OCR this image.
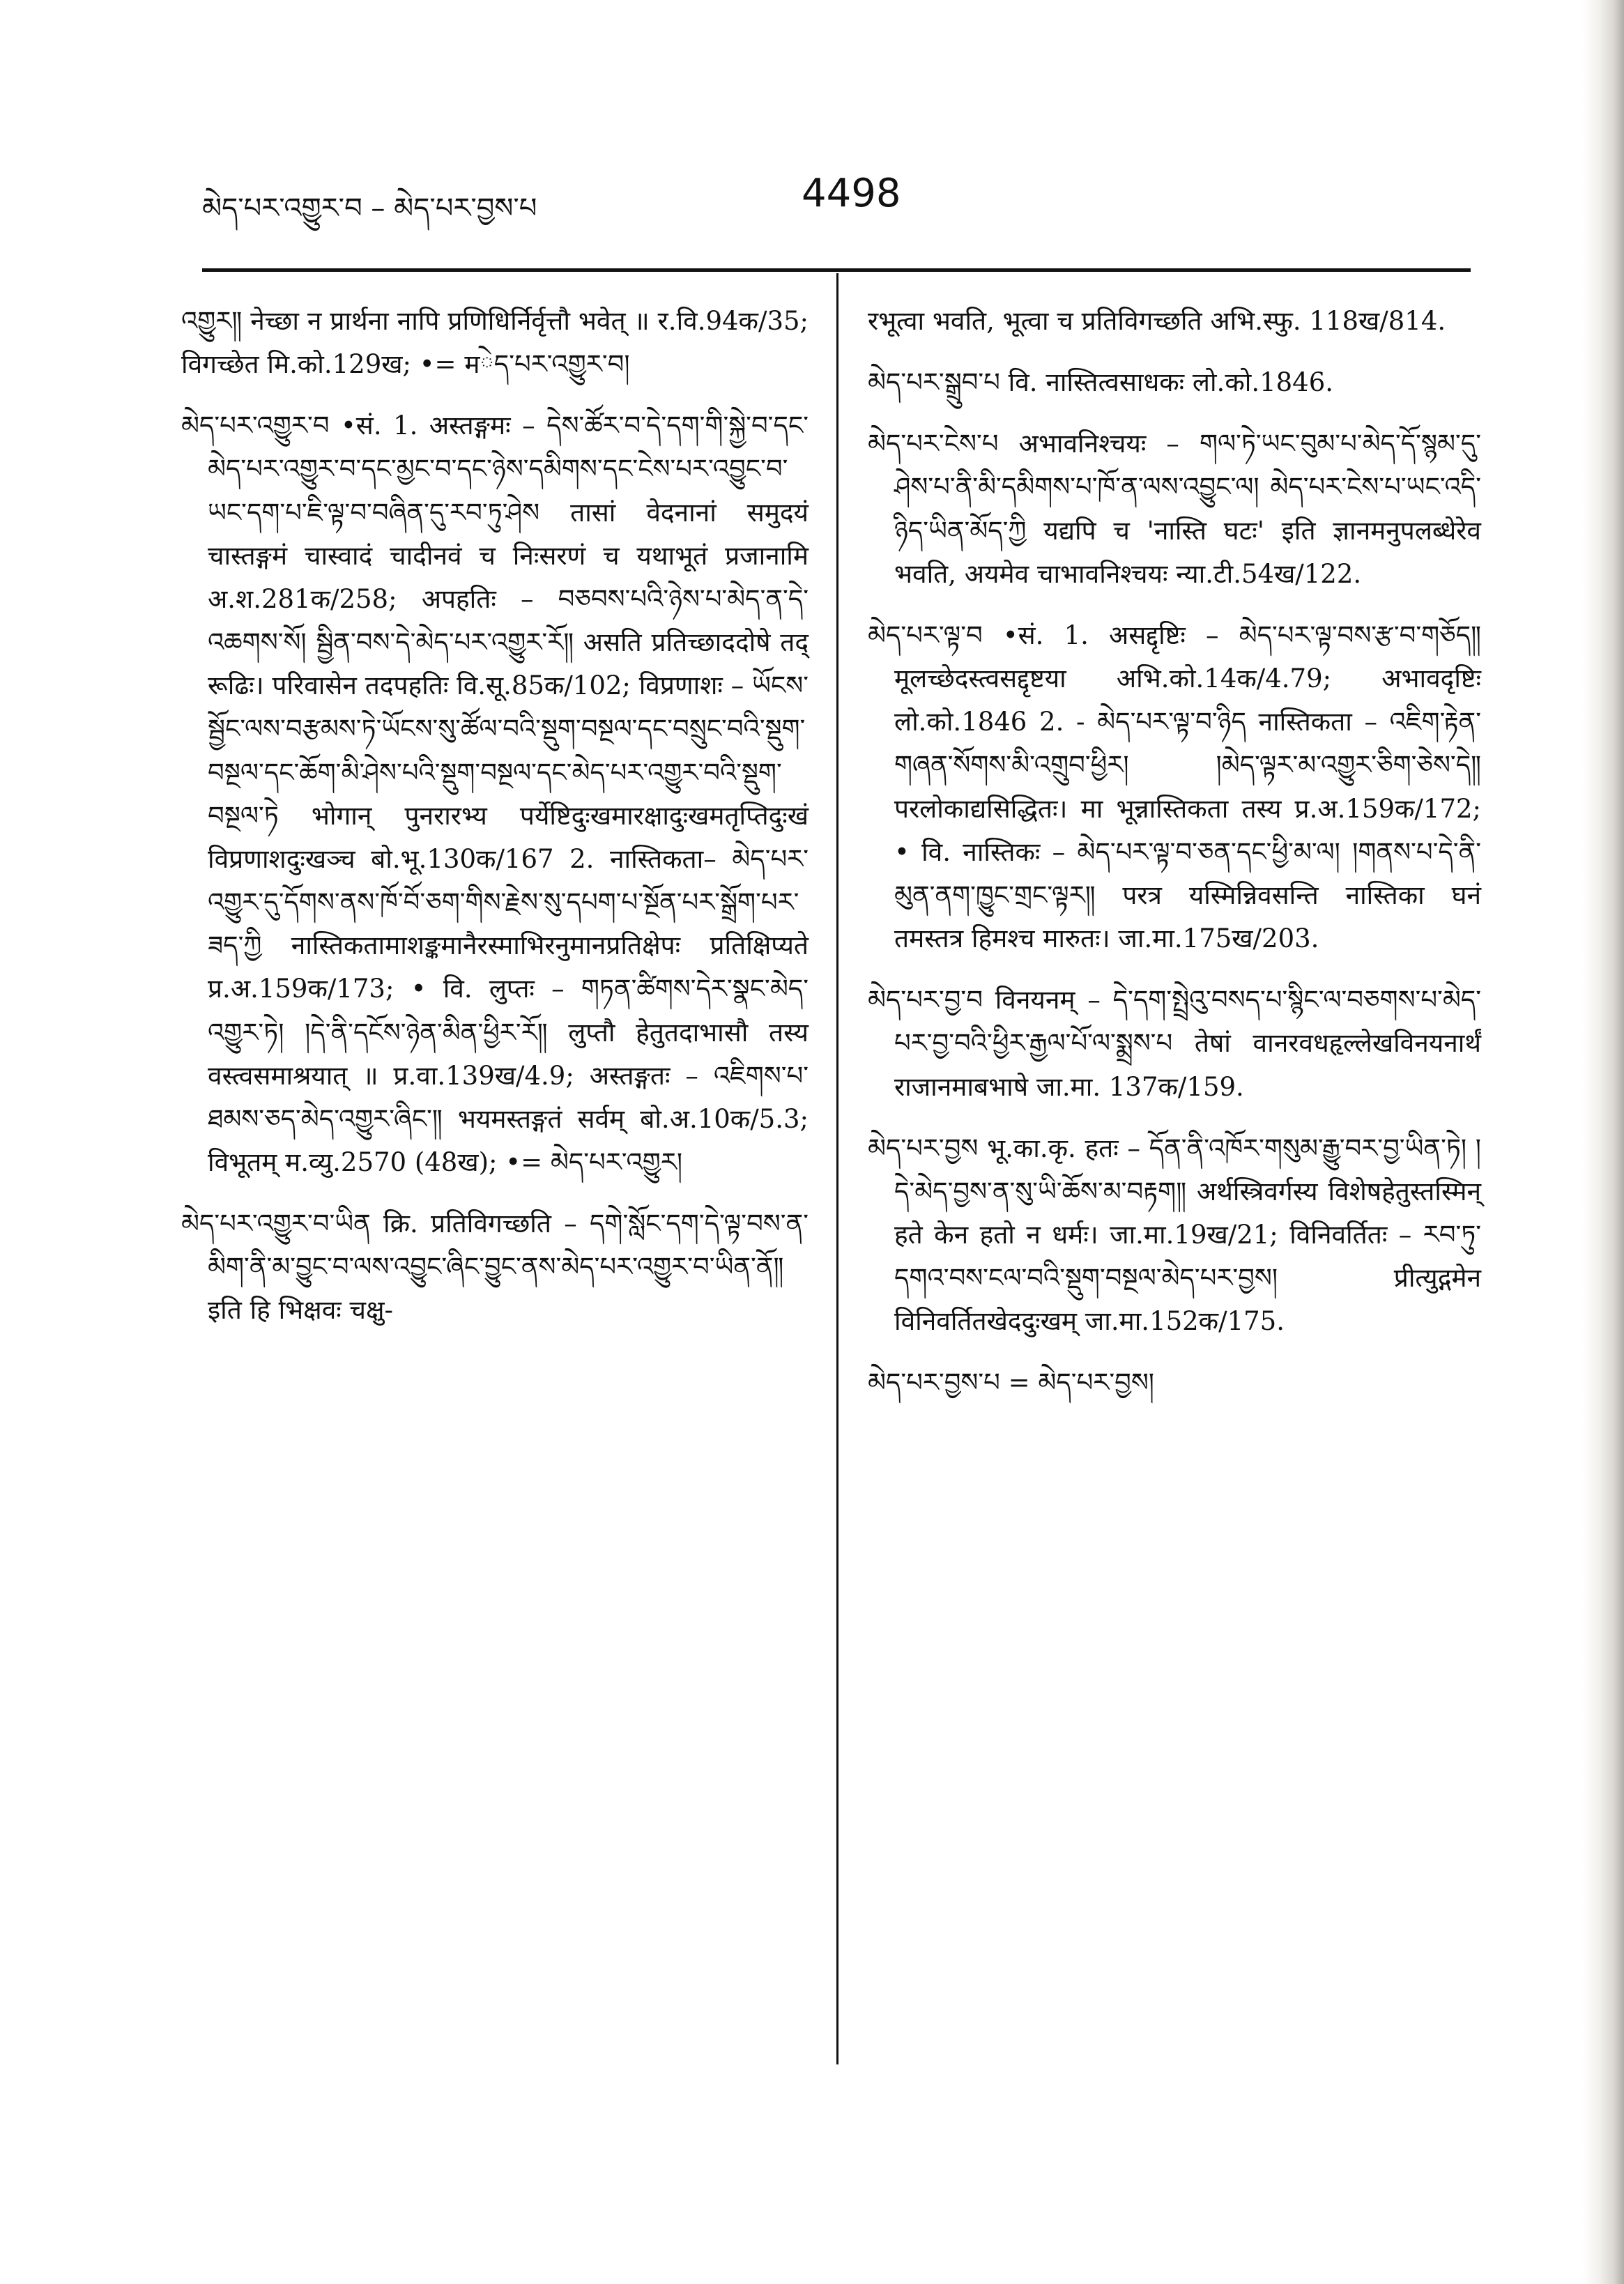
མེད་པར་འགྱུར་བ – མེད་པར་བྱས་པ	4498

འགྱུར༎ नेच्छा न प्रार्थना नापि प्रणिधिर्निर्वृत्तौ भवेत् ॥ र.वि.94क/35; विगच्छेत मि.को.129ख; •= मེད་པར་འགྱུར་བ།

མེད་པར་འགྱུར་བ •सं. 1. अस्तङ्गमः – དེས་ཚོར་བ་དེ་དག་གི་སྐྱེ་བ་དང་མེད་པར་འགྱུར་བ་དང་མྱང་བ་དང་ཉེས་དམིགས་དང་ངེས་པར་འབྱུང་བ་ཡང་དག་པ་ཇི་ལྟ་བ་བཞིན་དུ་རབ་ཏུ་ཤེས तासां वेदनानां समुदयं चास्तङ्गमं चास्वादं चादीनवं च निःसरणं च यथाभूतं प्रजानामि अ.श.281क/258; अपहतिः – བཅབས་པའི་ཉེས་པ་མེད་ན་དེ་འཆགས་སོ། སྦྱིན་བས་དེ་མེད་པར་འགྱུར་རོ༎ असति प्रतिच्छाददोषे तद् रूढिः। परिवासेन तदपहतिः वि.सू.85क/102; विप्रणाशः – ཡོངས་སྦྱོང་ལས་བརྩམས་ཏེ་ཡོངས་སུ་ཚོལ་བའི་སྡུག་བསྔལ་དང་བསྲུང་བའི་སྡུག་བསྔལ་དང་ཆོག་མི་ཤེས་པའི་སྡུག་བསྔལ་དང་མེད་པར་འགྱུར་བའི་སྡུག་བསྔལ་ཏེ भोगान् पुनरारभ्य पर्येष्टिदुःखमारक्षादुःखमतृप्तिदुःखं विप्रणाशदुःखञ्च बो.भू.130क/167 2. नास्तिकता– མེད་པར་འགྱུར་དུ་དོགས་ནས་ཁོ་བོ་ཅག་གིས་རྗེས་སུ་དཔག་པ་སྔོན་པར་སྒྲོག་པར་ཟད་ཀྱི नास्तिकतामाशङ्कमानैरस्माभिरनुमानप्रतिक्षेपः प्रतिक्षिप्यते प्र.अ.159क/173; • वि. लुप्तः – གཏན་ཚིགས་དེར་སྣང་མེད་འགྱུར་ཏེ། །དེ་ནི་དངོས་ཉེན་མིན་ཕྱིར་རོ༎ लुप्तौ हेतुतदाभासौ तस्य वस्त्वसमाश्रयात् ॥ प्र.वा.139ख/4.9; अस्तङ्गतः – འཇིགས་པ་ཐམས་ཅད་མེད་འགྱུར་ཞིང་༎ भयमस्तङ्गतं सर्वम् बो.अ.10क/5.3; विभूतम् म.व्यु.2570 (48ख); •= མེད་པར་འགྱུར།

མེད་པར་འགྱུར་བ་ཡིན क्रि. प्रतिविगच्छति – དགེ་སློང་དག་དེ་ལྟ་བས་ན་མིག་ནི་མ་བྱུང་བ་ལས་འབྱུང་ཞིང་བྱུང་ནས་མེད་པར་འགྱུར་བ་ཡིན་ནོ༎ इति हि भिक्षवः चक्षु-

रभूत्वा भवति, भूत्वा च प्रतिविगच्छति अभि.स्फु. 118ख/814.

མེད་པར་སྒྲུབ་པ वि. नास्तित्वसाधकः लो.को.1846.

མེད་པར་ངེས་པ अभावनिश्चयः – གལ་ཏེ་ཡང་བུམ་པ་མེད་དོ་སྙམ་དུ་ཤེས་པ་ནི་མི་དམིགས་པ་ཁོ་ན་ལས་འབྱུང་ལ། མེད་པར་ངེས་པ་ཡང་འདི་ཉིད་ཡིན་མོད་ཀྱི यद्यपि च 'नास्ति घटः' इति ज्ञानमनुपलब्धेरेव भवति, अयमेव चाभावनिश्चयः न्या.टी.54ख/122.

མེད་པར་ལྟ་བ •सं. 1. असद्दृष्टिः – མེད་པར་ལྟ་བས་རྩ་བ་གཅོད༎ मूलच्छेदस्त्वसद्दृष्टया अभि.को.14क/4.79; अभावदृष्टिः लो.को.1846 2. - མེད་པར་ལྟ་བ་ཉིད नास्तिकता – འཇིག་རྟེན་གཞན་སོགས་མི་འགྲུབ་ཕྱིར། །མེད་ལྟར་མ་འགྱུར་ཅིག་ཅེས་དེ༎ परलोकाद्यसिद्धितः। मा भून्नास्तिकता तस्य प्र.अ.159क/172; • वि. नास्तिकः – མེད་པར་ལྟ་བ་ཅན་དང་ཕྱི་མ་ལ། །གནས་པ་དེ་ནི་མུན་ནག་ཁྱུང་གྲང་ལྟར༎ परत्र यस्मिन्निवसन्ति नास्तिका घनं तमस्तत्र हिमश्च मारुतः। जा.मा.175ख/203.

མེད་པར་བྱ་བ विनयनम् – དེ་དག་སྤྲེའུ་བསད་པ་སྙིང་ལ་བཅགས་པ་མེད་པར་བྱ་བའི་ཕྱིར་རྒྱལ་པོ་ལ་སྨྲས་པ तेषां वानरवधहृल्लेखविनयनार्थं राजानमाबभाषे जा.मा. 137क/159.

མེད་པར་བྱས भू.का.कृ. हतः – དོན་ནི་འཁོར་གསུམ་རྒྱུ་བར་བྱ་ཡིན་ཏེ། །དེ་མེད་བྱས་ན་སུ་ཡི་ཆོས་མ་བརྟག༎ अर्थस्त्रिवर्गस्य विशेषहेतुस्तस्मिन् हते केन हतो न धर्मः। जा.मा.19ख/21; विनिवर्तितः – རབ་ཏུ་དགའ་བས་ངལ་བའི་སྡུག་བསྔལ་མེད་པར་བྱས། प्रीत्युद्गमेन विनिवर्तितखेददुःखम् जा.मा.152क/175.

མེད་པར་བྱས་པ = མེད་པར་བྱས།
